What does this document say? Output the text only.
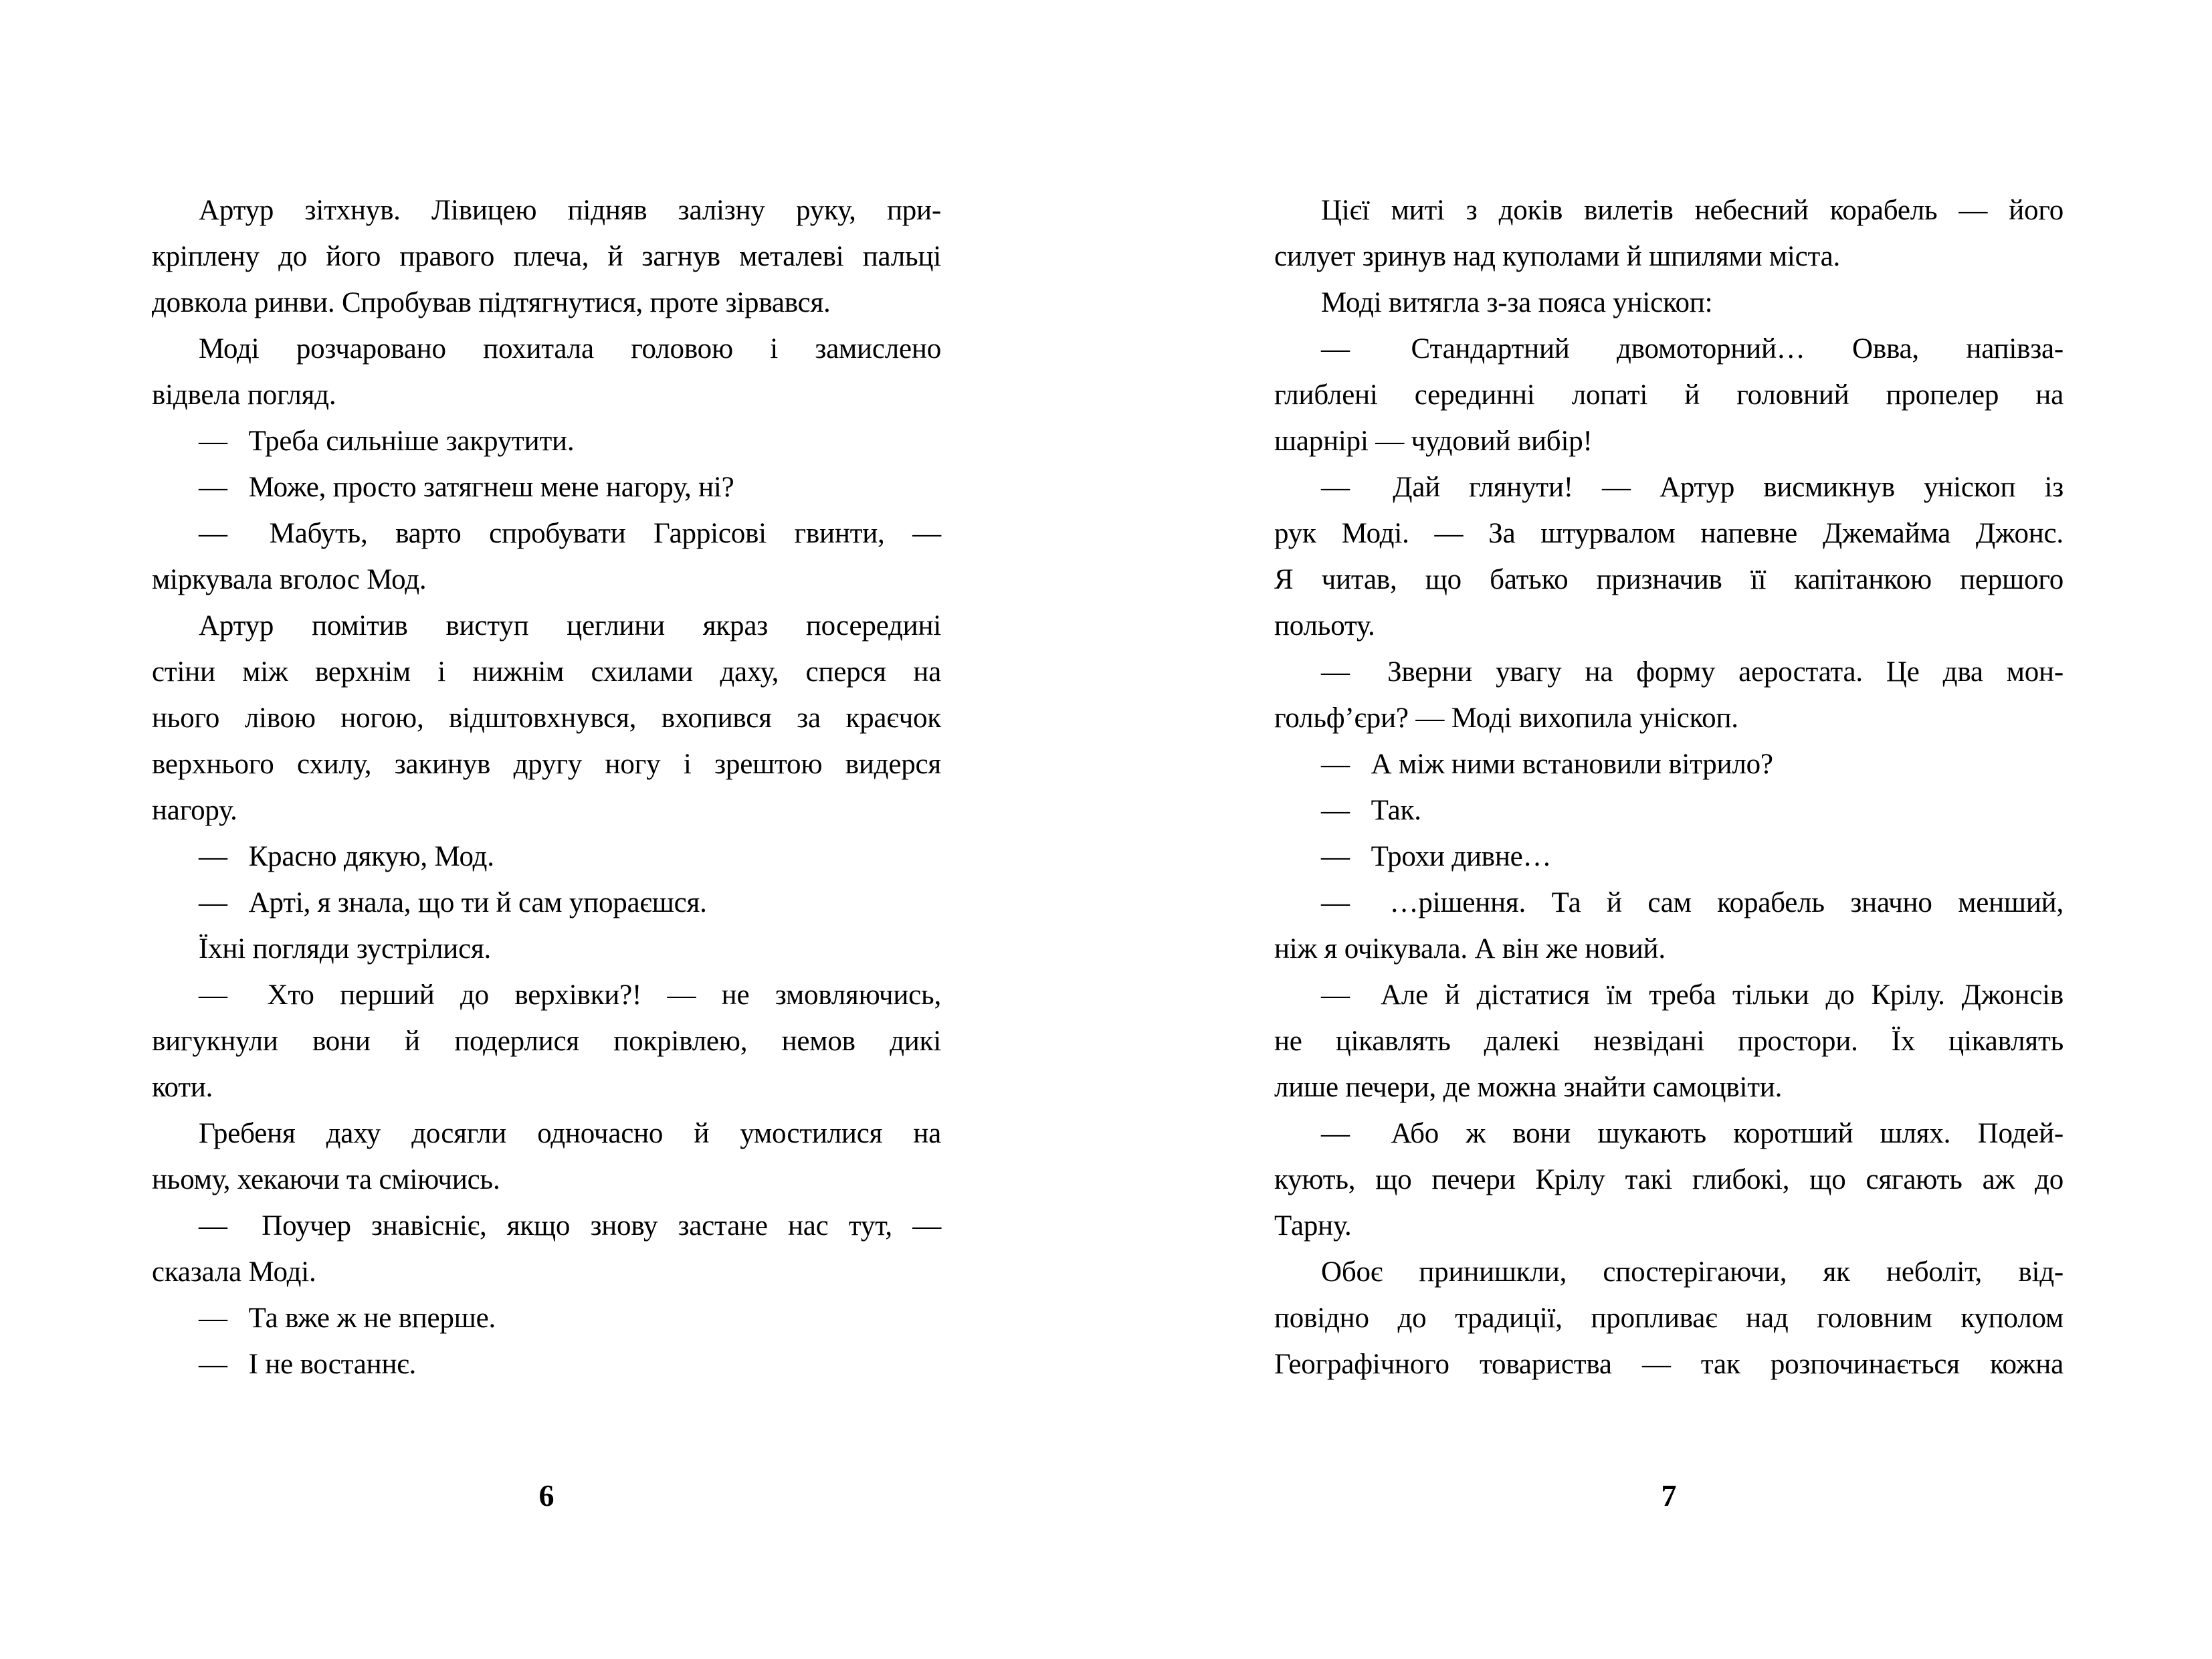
Артур зітхнув. Лівицею підняв залізну руку, при-
кріплену до його правого плеча, й загнув металеві пальці
довкола ринви. Спробував підтягнутися, проте зірвався.
Моді розчаровано похитала головою і замислено
відвела погляд.
—  Треба сильніше закрутити.
—  Може, просто затягнеш мене нагору, ні?
—  Мабуть, варто спробувати Гаррісові гвинти, —
міркувала вголос Мод.
Артур помітив виступ цеглини якраз посередині
стіни між верхнім і нижнім схилами даху, сперся на
нього лівою ногою, відштовхнувся, вхопився за краєчок
верхнього схилу, закинув другу ногу і зрештою видерся
нагору.
—  Красно дякую, Мод.
—  Арті, я знала, що ти й сам упораєшся.
Їхні погляди зустрілися.
—  Хто перший до верхівки?! — не змовляючись,
вигукнули вони й подерлися покрівлею, немов дикі
коти.
Гребеня даху досягли одночасно й умостилися на
ньому, хекаючи та сміючись.
—  Поучер знавісніє, якщо знову застане нас тут, —
сказала Моді.
—  Та вже ж не вперше.
—  І не востаннє.
6
Цієї миті з доків вилетів небесний корабель — його
силует зринув над куполами й шпилями міста.
Моді витягла з-за пояса уніскоп:
—  Стандартний двомоторний… Овва, напівза-
глиблені серединні лопаті й головний пропелер на
шарнірі — чудовий вибір!
—  Дай глянути! — Артур висмикнув уніскоп із
рук Моді. — За штурвалом напевне Джемайма Джонс.
Я читав, що батько призначив її капітанкою першого
польоту.
—  Зверни увагу на форму аеростата. Це два мон-
гольф’єри? — Моді вихопила уніскоп.
—  А між ними встановили вітрило?
—  Так.
—  Трохи дивне…
—  …рішення. Та й сам корабель значно менший,
ніж я очікувала. А він же новий.
—  Але й дістатися їм треба тільки до Крілу. Джонсів
не цікавлять далекі незвідані простори. Їх цікавлять
лише печери, де можна знайти самоцвіти.
—  Або ж вони шукають коротший шлях. Подей-
кують, що печери Крілу такі глибокі, що сягають аж до
Тарну.
Обоє принишкли, спостерігаючи, як неболіт, від-
повідно до традиції, пропливає над головним куполом
Географічного товариства — так розпочинається кожна
7
